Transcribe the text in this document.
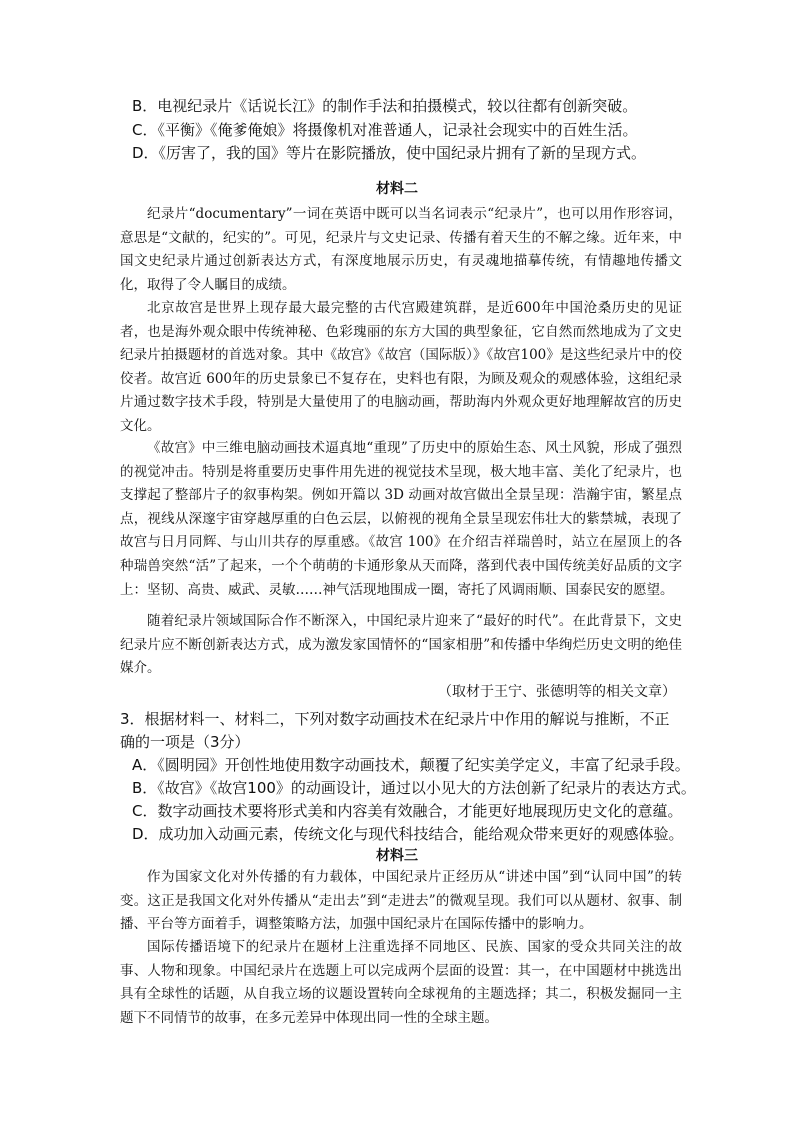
B．电视纪录片《话说长江》的制作手法和拍摄模式，较以往都有创新突破。
C．《平衡》《俺爹俺娘》将摄像机对准普通人，记录社会现实中的百姓生活。
D．《厉害了，我的国》等片在影院播放，使中国纪录片拥有了新的呈现方式。
材料二

纪录片“documentary”一词在英语中既可以当名词表示“纪录片”，也可以用作形容词，意思是“文献的，纪实的”。可见，纪录片与文史记录、传播有着天生的不解之缘。近年来，中国文史纪录片通过创新表达方式，有深度地展示历史，有灵魂地描摹传统，有情趣地传播文化，取得了令人瞩目的成绩。

北京故宫是世界上现存最大最完整的古代宫殿建筑群，是近600年中国沧桑历史的见证者，也是海外观众眼中传统神秘、色彩瑰丽的东方大国的典型象征，它自然而然地成为了文史纪录片拍摄题材的首选对象。其中《故宫》《故宫（国际版）》《故宫100》是这些纪录片中的佼佼者。故宫近 600年的历史景象已不复存在，史料也有限，为顾及观众的观感体验，这组纪录片通过数字技术手段，特别是大量使用了的电脑动画，帮助海内外观众更好地理解故宫的历史文化。

《故宫》中三维电脑动画技术逼真地“重现”了历史中的原始生态、风土风貌，形成了强烈的视觉冲击。特别是将重要历史事件用先进的视觉技术呈现，极大地丰富、美化了纪录片，也支撑起了整部片子的叙事构架。例如开篇以 3D 动画对故宫做出全景呈现：浩瀚宇宙，繁星点点，视线从深邃宇宙穿越厚重的白色云层，以俯视的视角全景呈现宏伟壮大的紫禁城，表现了故宫与日月同辉、与山川共存的厚重感。《故宫 100》在介绍吉祥瑞兽时，站立在屋顶上的各种瑞兽突然“活”了起来，一个个萌萌的卡通形象从天而降，落到代表中国传统美好品质的文字上：坚韧、高贵、威武、灵敏……神气活现地围成一圈，寄托了风调雨顺、国泰民安的愿望。

随着纪录片领域国际合作不断深入，中国纪录片迎来了“最好的时代”。在此背景下，文史纪录片应不断创新表达方式，成为激发家国情怀的“国家相册”和传播中华绚烂历史文明的绝佳媒介。

（取材于王宁、张德明等的相关文章）

3．根据材料一、材料二，下列对数字动画技术在纪录片中作用的解说与推断，不正确的一项是（3分）

A．《圆明园》开创性地使用数字动画技术，颠覆了纪实美学定义，丰富了纪录手段。
B．《故宫》《故宫100》的动画设计，通过以小见大的方法创新了纪录片的表达方式。
C．数字动画技术要将形式美和内容美有效融合，才能更好地展现历史文化的意蕴。
D．成功加入动画元素，传统文化与现代科技结合，能给观众带来更好的观感体验。
材料三

作为国家文化对外传播的有力载体，中国纪录片正经历从“讲述中国”到“认同中国”的转变。这正是我国文化对外传播从“走出去”到“走进去”的微观呈现。我们可以从题材、叙事、制播、平台等方面着手，调整策略方法，加强中国纪录片在国际传播中的影响力。

国际传播语境下的纪录片在题材上注重选择不同地区、民族、国家的受众共同关注的故事、人物和现象。中国纪录片在选题上可以完成两个层面的设置：其一，在中国题材中挑选出具有全球性的话题，从自我立场的议题设置转向全球视角的主题选择；其二，积极发掘同一主题下不同情节的故事，在多元差异中体现出同一性的全球主题。
